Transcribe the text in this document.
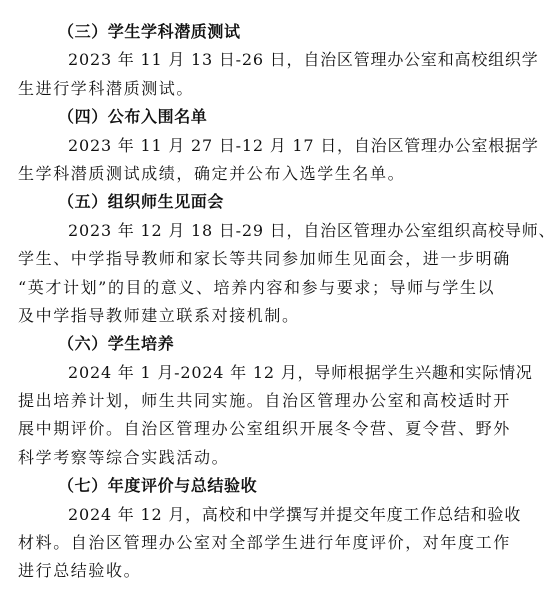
（三）学生学科潜质测试
2023 年 11 月 13 日-26 日，自治区管理办公室和高校组织学
生进行学科潜质测试。
（四）公布入围名单
2023 年 11 月 27 日-12 月 17 日，自治区管理办公室根据学
生学科潜质测试成绩，确定并公布入选学生名单。
（五）组织师生见面会
2023 年 12 月 18 日-29 日，自治区管理办公室组织高校导师、
学生、中学指导教师和家长等共同参加师生见面会，进一步明确
“英才计划”的目的意义、培养内容和参与要求；导师与学生以
及中学指导教师建立联系对接机制。
（六）学生培养
2024 年 1 月-2024 年 12 月，导师根据学生兴趣和实际情况
提出培养计划，师生共同实施。自治区管理办公室和高校适时开
展中期评价。自治区管理办公室组织开展冬令营、夏令营、野外
科学考察等综合实践活动。
（七）年度评价与总结验收
2024 年 12 月，高校和中学撰写并提交年度工作总结和验收
材料。自治区管理办公室对全部学生进行年度评价，对年度工作
进行总结验收。
